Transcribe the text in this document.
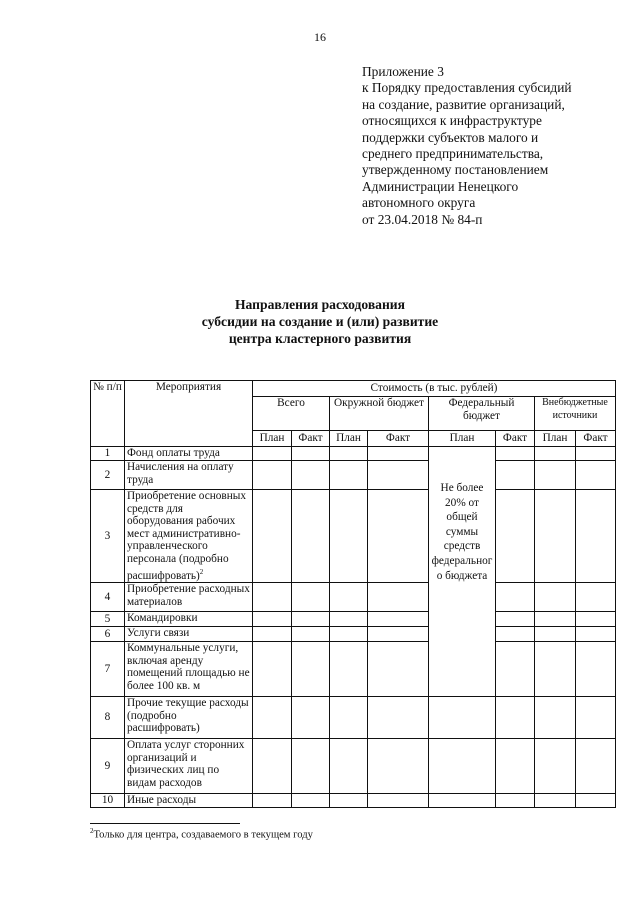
16
Приложение 3
к Порядку предоставления субсидий
на создание, развитие организаций,
относящихся к инфраструктуре
поддержки субъектов малого и
среднего предпринимательства,
утвержденному постановлением
Администрации Ненецкого
автономного округа
от 23.04.2018 № 84-п
Направления расходования
субсидии на создание и (или) развитие
центра кластерного развития
№ п/п	Мероприятия	Стоимость (в тыс. рублей)							
		Всего		Окружной бюджет		Федеральный бюджет		Внебюджетные источники	
		План	Факт	План	Факт	План	Факт	План	Факт
1	Фонд оплаты труда					Не более 20% от общей суммы средств федеральног о бюджета			
2	Начисления на оплату труда								
3	Приобретение основных средств для оборудования рабочих мест административно-управленческого персонала (подробно расшифровать)$^2$							
4	Приобретение расходных материалов								
5	Командировки								
6	Услуги связи								
7	Коммунальные услуги, включая аренду помещений площадью не более 100 кв. м								
8	Прочие текущие расходы (подробно расшифровать)								
9	Оплата услуг сторонних организаций и физических лиц по видам расходов								
10	Иные расходы								
$^2$Только для центра, создаваемого в текущем году
